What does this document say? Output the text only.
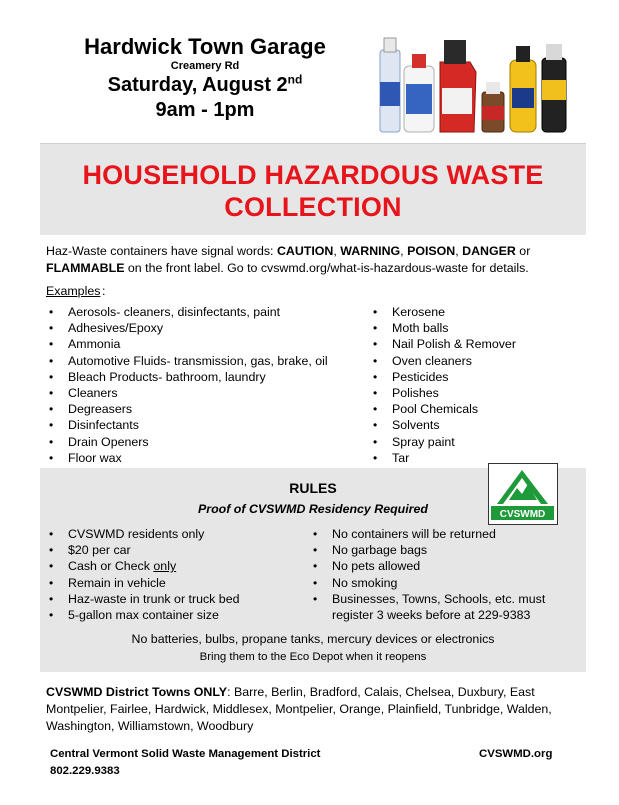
Hardwick Town Garage
Creamery Rd
Saturday, August 2nd
9am - 1pm
HOUSEHOLD HAZARDOUS WASTE
COLLECTION
Haz-Waste containers have signal words: CAUTION, WARNING, POISON, DANGER or FLAMMABLE on the front label. Go to cvswmd.org/what-is-hazardous-waste for details.
Examples :
• Aerosols- cleaners, disinfectants, paint
• Adhesives/Epoxy
• Ammonia
• Automotive Fluids- transmission, gas, brake, oil
• Bleach Products- bathroom, laundry
• Cleaners
• Degreasers
• Disinfectants
• Drain Openers
• Floor wax
• Kerosene
• Moth balls
• Nail Polish & Remover
• Oven cleaners
• Pesticides
• Polishes
• Pool Chemicals
• Solvents
• Spray paint
• Tar
RULES
Proof of CVSWMD Residency Required	CVSWMD
• CVSWMD residents only
• $20 per car
• Cash or Check only
• Remain in vehicle
• Haz-waste in trunk or truck bed
• 5-gallon max container size
• No containers will be returned
• No garbage bags
• No pets allowed
• No smoking
• Businesses, Towns, Schools, etc. must register 3 weeks before at 229-9383
No batteries, bulbs, propane tanks, mercury devices or electronics
Bring them to the Eco Depot when it reopens
CVSWMD District Towns ONLY: Barre, Berlin, Bradford, Calais, Chelsea, Duxbury, East Montpelier, Fairlee, Hardwick, Middlesex, Montpelier, Orange, Plainfield, Tunbridge, Walden, Washington, Williamstown, Woodbury
Central Vermont Solid Waste Management District
802.229.9383
CVSWMD.org
